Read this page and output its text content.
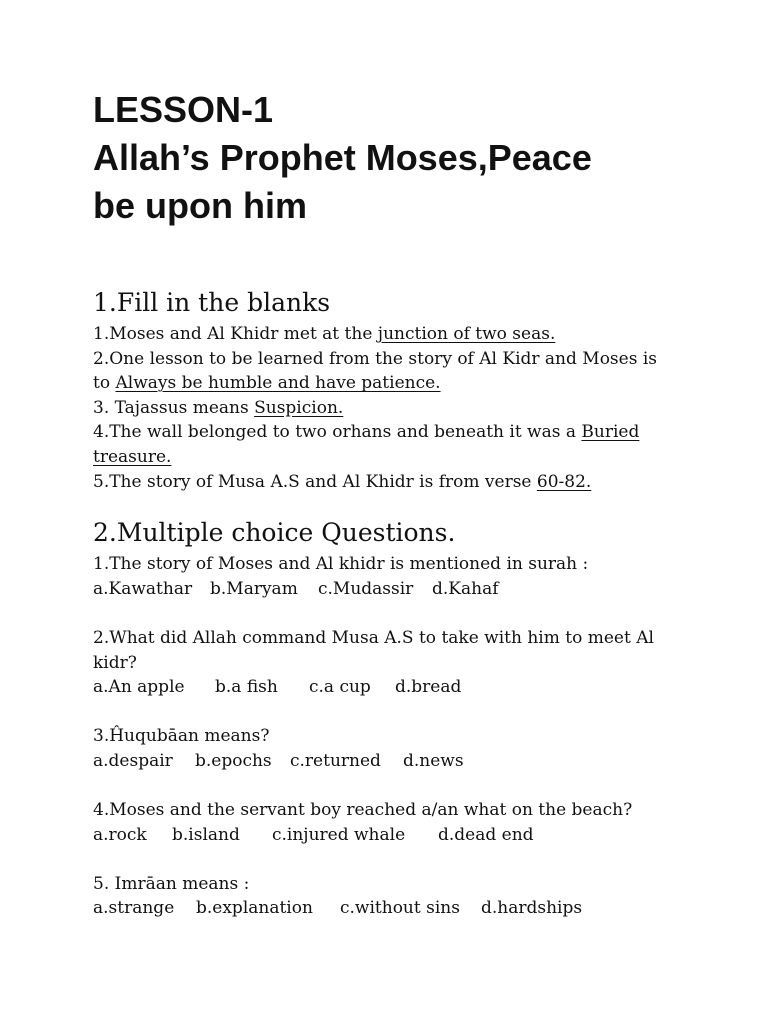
LESSON-1
Allah’s Prophet Moses,Peace
be upon him
1.Fill in the blanks

1.Moses and Al Khidr met at the junction of two seas.

2.One lesson to be learned from the story of Al Kidr and Moses is to Always be humble and have patience.

3. Tajassus means Suspicion.

4.The wall belonged to two orhans and beneath it was a Buried treasure.

5.The story of Musa A.S and Al Khidr is from verse 60-82.

2.Multiple choice Questions.

1.The story of Moses and Al khidr is mentioned in surah :

a.Kawathar	b.Maryam	c.Mudassir	d.Kahaf

2.What did Allah command Musa A.S to take with him to meet Al kidr?

a.An apple	b.a fish	c.a cup	d.bread

3.Ĥuqubāan means?

a.despair	b.epochs	c.returned	d.news

4.Moses and the servant boy reached a/an what on the beach?

a.rock	b.island	c.injured whale	d.dead end

5. Imrāan means :

a.strange	b.explanation	c.without sins	d.hardships
